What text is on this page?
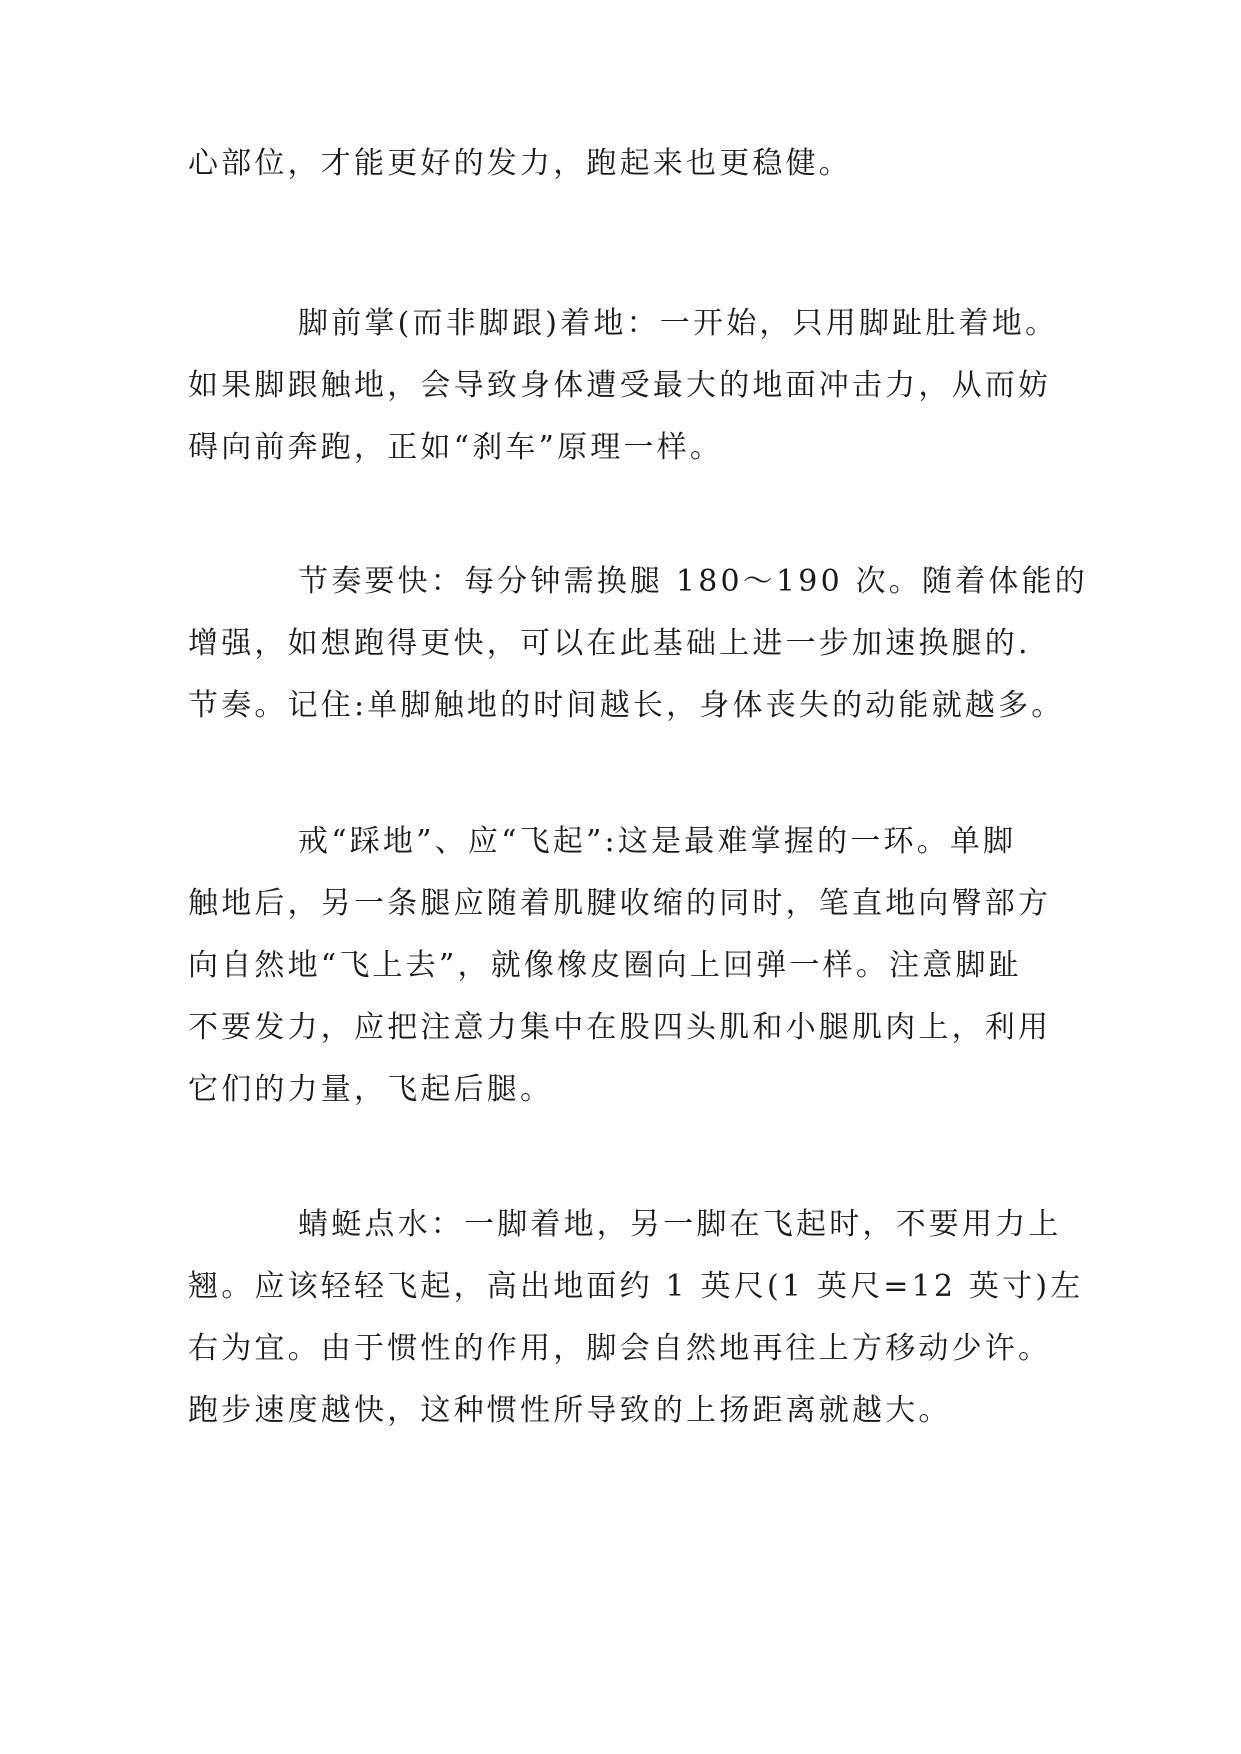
心部位，才能更好的发力，跑起来也更稳健。
脚前掌(而非脚跟)着地：一开始，只用脚趾肚着地。
如果脚跟触地，会导致身体遭受最大的地面冲击力，从而妨
碍向前奔跑，正如“刹车”原理一样。
节奏要快：每分钟需换腿 180～190 次。随着体能的
增强，如想跑得更快，可以在此基础上进一步加速换腿的.
节奏。记住:单脚触地的时间越长，身体丧失的动能就越多。
戒“踩地”、应“飞起”:这是最难掌握的一环。单脚
触地后，另一条腿应随着肌腱收缩的同时，笔直地向臀部方
向自然地“飞上去”，就像橡皮圈向上回弹一样。注意脚趾
不要发力，应把注意力集中在股四头肌和小腿肌肉上，利用
它们的力量，飞起后腿。
蜻蜓点水：一脚着地，另一脚在飞起时，不要用力上
翘。应该轻轻飞起，高出地面约 1 英尺(1 英尺=12 英寸)左
右为宜。由于惯性的作用，脚会自然地再往上方移动少许。
跑步速度越快，这种惯性所导致的上扬距离就越大。
